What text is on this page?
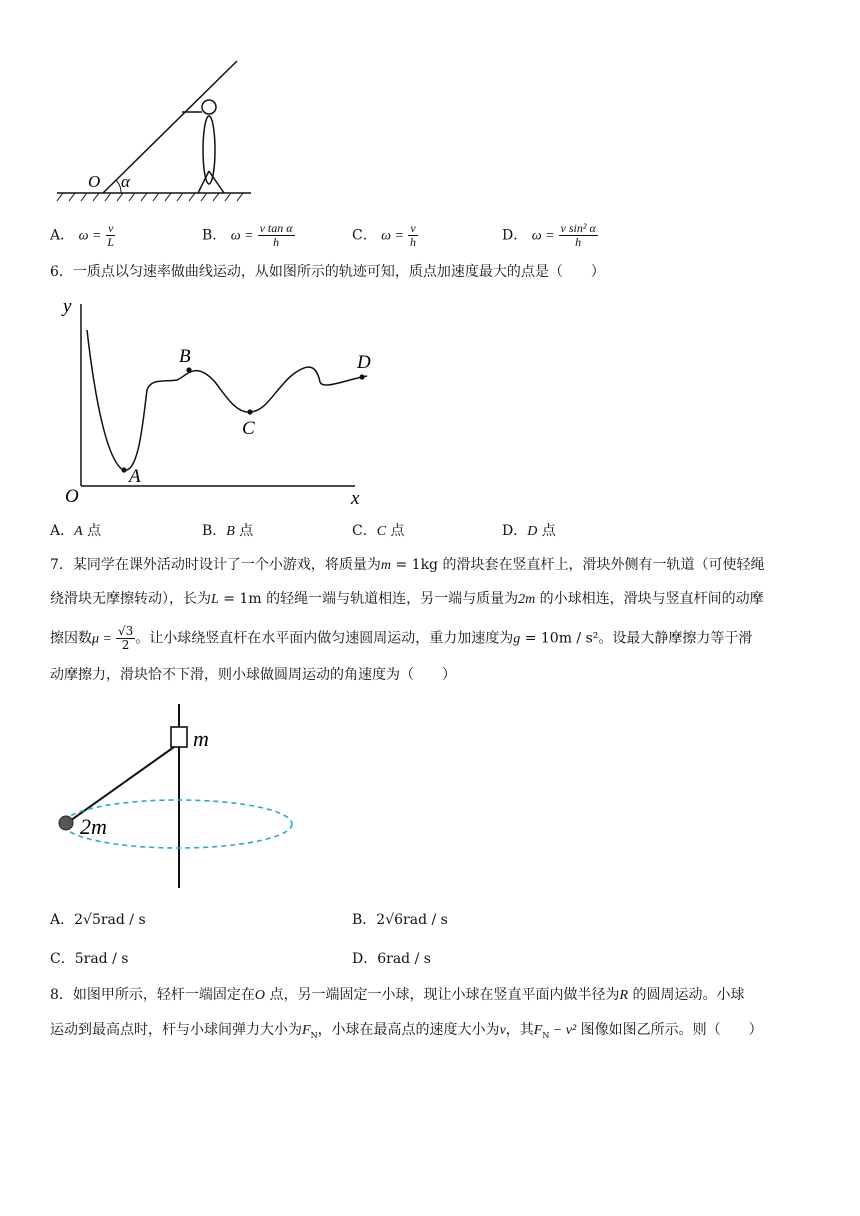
O α
A． $\omega = \frac{v}{L}$	B． $\omega = \frac{\text{v tan α}}{h}$	C． $\omega = \frac{v}{h}$	D． $\omega = \frac{\text{v sin² α}}{h}$
6．一质点以匀速率做曲线运动，从如图所示的轨迹可知，质点加速度最大的点是（　　）
y
x
O
A
B
C
D
A．A 点	B．B 点	C．C 点	D．D 点
7．某同学在课外活动时设计了一个小游戏，将质量为m = 1kg 的滑块套在竖直杆上，滑块外侧有一轨道（可使轻绳
绕滑块无摩擦转动），长为L = 1m 的轻绳一端与轨道相连，另一端与质量为2m 的小球相连，滑块与竖直杆间的动摩
擦因数$\mu = \frac{√3}{2}$ 。让小球绕竖直杆在水平面内做匀速圆周运动，重力加速度为g = 10m / s²。设最大静摩擦力等于滑
动摩擦力，滑块恰不下滑，则小球做圆周运动的角速度为（　　）
m
2m
A．2√5rad / s	B．2√6rad / s
C．5rad / s	D．6rad / s
8．如图甲所示，轻杆一端固定在O 点，另一端固定一小球，现让小球在竖直平面内做半径为R 的圆周运动。小球
运动到最高点时，杆与小球间弹力大小为$F_N$，小球在最高点的速度大小为v，其$F_N - v^2$ 图像如图乙所示。则（　　）
